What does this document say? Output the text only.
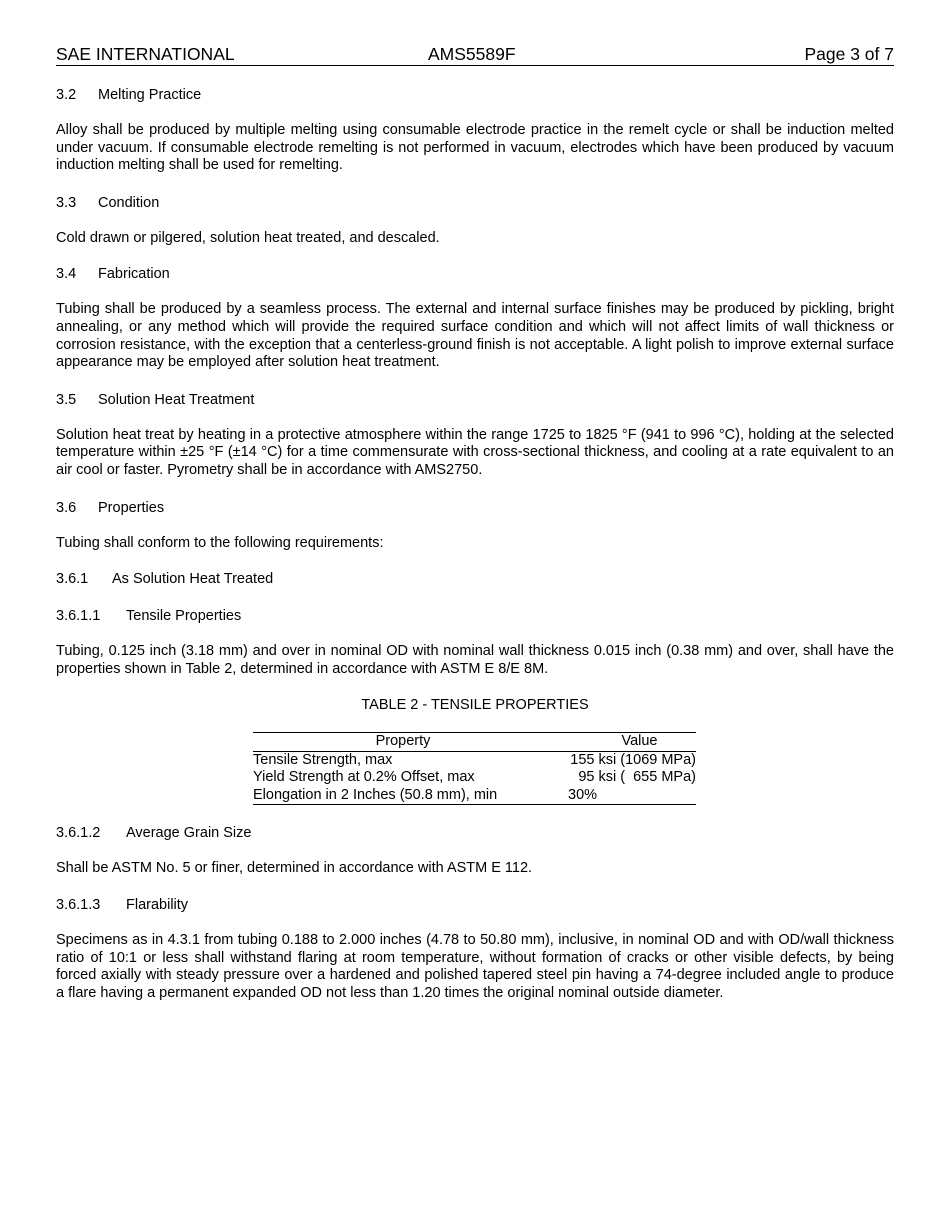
SAE INTERNATIONAL	AMS5589F	Page 3 of 7

3.2 Melting Practice

Alloy shall be produced by multiple melting using consumable electrode practice in the remelt cycle or shall be induction melted under vacuum. If consumable electrode remelting is not performed in vacuum, electrodes which have been produced by vacuum induction melting shall be used for remelting.

3.3 Condition

Cold drawn or pilgered, solution heat treated, and descaled.

3.4 Fabrication

Tubing shall be produced by a seamless process. The external and internal surface finishes may be produced by pickling, bright annealing, or any method which will provide the required surface condition and which will not affect limits of wall thickness or corrosion resistance, with the exception that a centerless-ground finish is not acceptable. A light polish to improve external surface appearance may be employed after solution heat treatment.

3.5 Solution Heat Treatment

Solution heat treat by heating in a protective atmosphere within the range 1725 to 1825 °F (941 to 996 °C), holding at the selected temperature within ±25 °F (±14 °C) for a time commensurate with cross-sectional thickness, and cooling at a rate equivalent to an air cool or faster. Pyrometry shall be in accordance with AMS2750.

3.6 Properties

Tubing shall conform to the following requirements:

3.6.1 As Solution Heat Treated

3.6.1.1 Tensile Properties

Tubing, 0.125 inch (3.18 mm) and over in nominal OD with nominal wall thickness 0.015 inch (0.38 mm) and over, shall have the properties shown in Table 2, determined in accordance with ASTM E 8/E 8M.

TABLE 2 - TENSILE PROPERTIES

Property	Value
Tensile Strength, max	155 ksi (1069 MPa)
Yield Strength at 0.2% Offset, max	95 ksi (  655 MPa)
Elongation in 2 Inches (50.8 mm), min	30%

3.6.1.2 Average Grain Size

Shall be ASTM No. 5 or finer, determined in accordance with ASTM E 112.

3.6.1.3 Flarability

Specimens as in 4.3.1 from tubing 0.188 to 2.000 inches (4.78 to 50.80 mm), inclusive, in nominal OD and with OD/wall thickness ratio of 10:1 or less shall withstand flaring at room temperature, without formation of cracks or other visible defects, by being forced axially with steady pressure over a hardened and polished tapered steel pin having a 74-degree included angle to produce a flare having a permanent expanded OD not less than 1.20 times the original nominal outside diameter.
